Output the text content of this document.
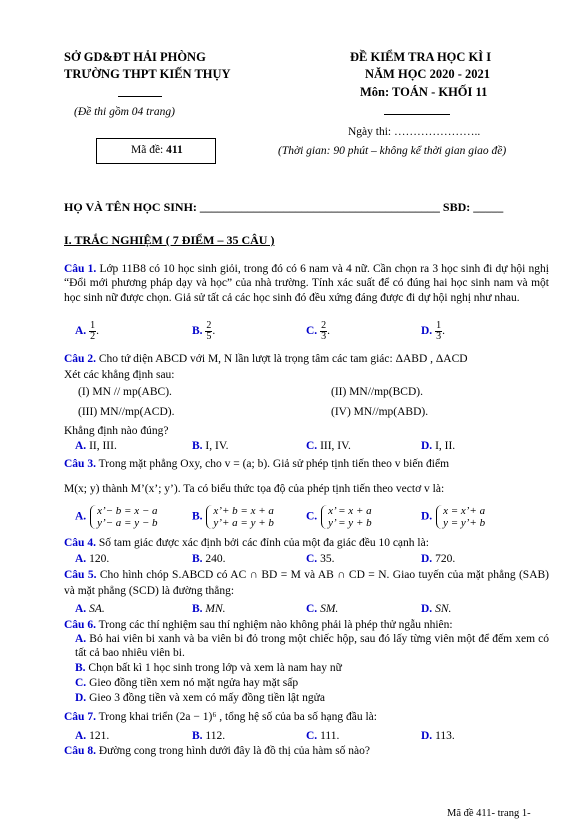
SỞ GD&ĐT HẢI PHÒNG
TRƯỜNG THPT KIẾN THỤY
(Đề thi gồm 04 trang)
Mã đề: 411
ĐỀ KIỂM TRA HỌC KÌ I
NĂM HỌC 2020 - 2021
Môn: TOÁN - KHỐI 11
Ngày thi: …………………..
(Thời gian: 90 phút – không kể thời gian giao đề)
HỌ VÀ TÊN HỌC SINH: ________________________________________ SBD: _____
I. TRẮC NGHIỆM ( 7 ĐIỂM – 35 CÂU )
Câu 1. Lớp 11B8 có 10 học sinh giỏi, trong đó có 6 nam và 4 nữ. Cần chọn ra 3 học sinh đi dự hội nghị “Đổi mới phương pháp dạy và học” của nhà trường. Tính xác suất để có đúng hai học sinh nam và một học sinh nữ được chọn. Giả sử tất cả các học sinh đó đều xứng đáng được đi dự hội nghị như nhau.
A. $\frac{1}{2}$ .	B. $\frac{2}{5}$ .	C. $\frac{2}{3}$ .	D. $\frac{1}{3}$ .
Câu 2. Cho tứ diện ABCD với M, N lần lượt là trọng tâm các tam giác: ΔABD , ΔACD
Xét các khẳng định sau:
(I) MN // mp(ABC).	(II) MN//mp(BCD).
(III) MN//mp(ACD).	(IV) MN//mp(ABD).
Khẳng định nào đúng?
A. II, III.	B. I, IV.	C. III, IV.	D. I, II.
Câu 3. Trong mặt phẳng Oxy, cho v = (a; b). Giả sử phép tịnh tiến theo v biến điểm
M(x; y) thành M’(x’; y’). Ta có biểu thức tọa độ của phép tịnh tiến theo vectơ v là:
A. x’− b = x − a
y’− a = y − b
B. x’+ b = x + a
y’+ a = y + b
C. x’ = x + a
y’ = y + b
D. x = x’+ a
y = y’+ b
Câu 4. Số tam giác được xác định bởi các đỉnh của một đa giác đều 10 cạnh là:
A. 120.	B. 240.	C. 35.	D. 720.
Câu 5. Cho hình chóp S.ABCD có AC ∩ BD = M và AB ∩ CD = N. Giao tuyến của mặt phẳng (SAB) và mặt phẳng (SCD) là đường thẳng:
A. SA.	B. MN.	C. SM.	D. SN.
Câu 6. Trong các thí nghiệm sau thí nghiệm nào không phải là phép thử ngẫu nhiên:
A. Bỏ hai viên bi xanh và ba viên bi đỏ trong một chiếc hộp, sau đó lấy từng viên một để đếm xem có tất cả bao nhiêu viên bi.
B. Chọn bất kì 1 học sinh trong lớp và xem là nam hay nữ
C. Gieo đồng tiền xem nó mặt ngửa hay mặt sấp
D. Gieo 3 đồng tiền và xem có mấy đồng tiền lật ngửa
Câu 7. Trong khai triển (2a − 1)⁶ , tổng hệ số của ba số hạng đầu là:
A. 121.	B. 112.	C. 111.	D. 113.
Câu 8. Đường cong trong hình dưới đây là đồ thị của hàm số nào?
Mã đề 411- trang 1-
